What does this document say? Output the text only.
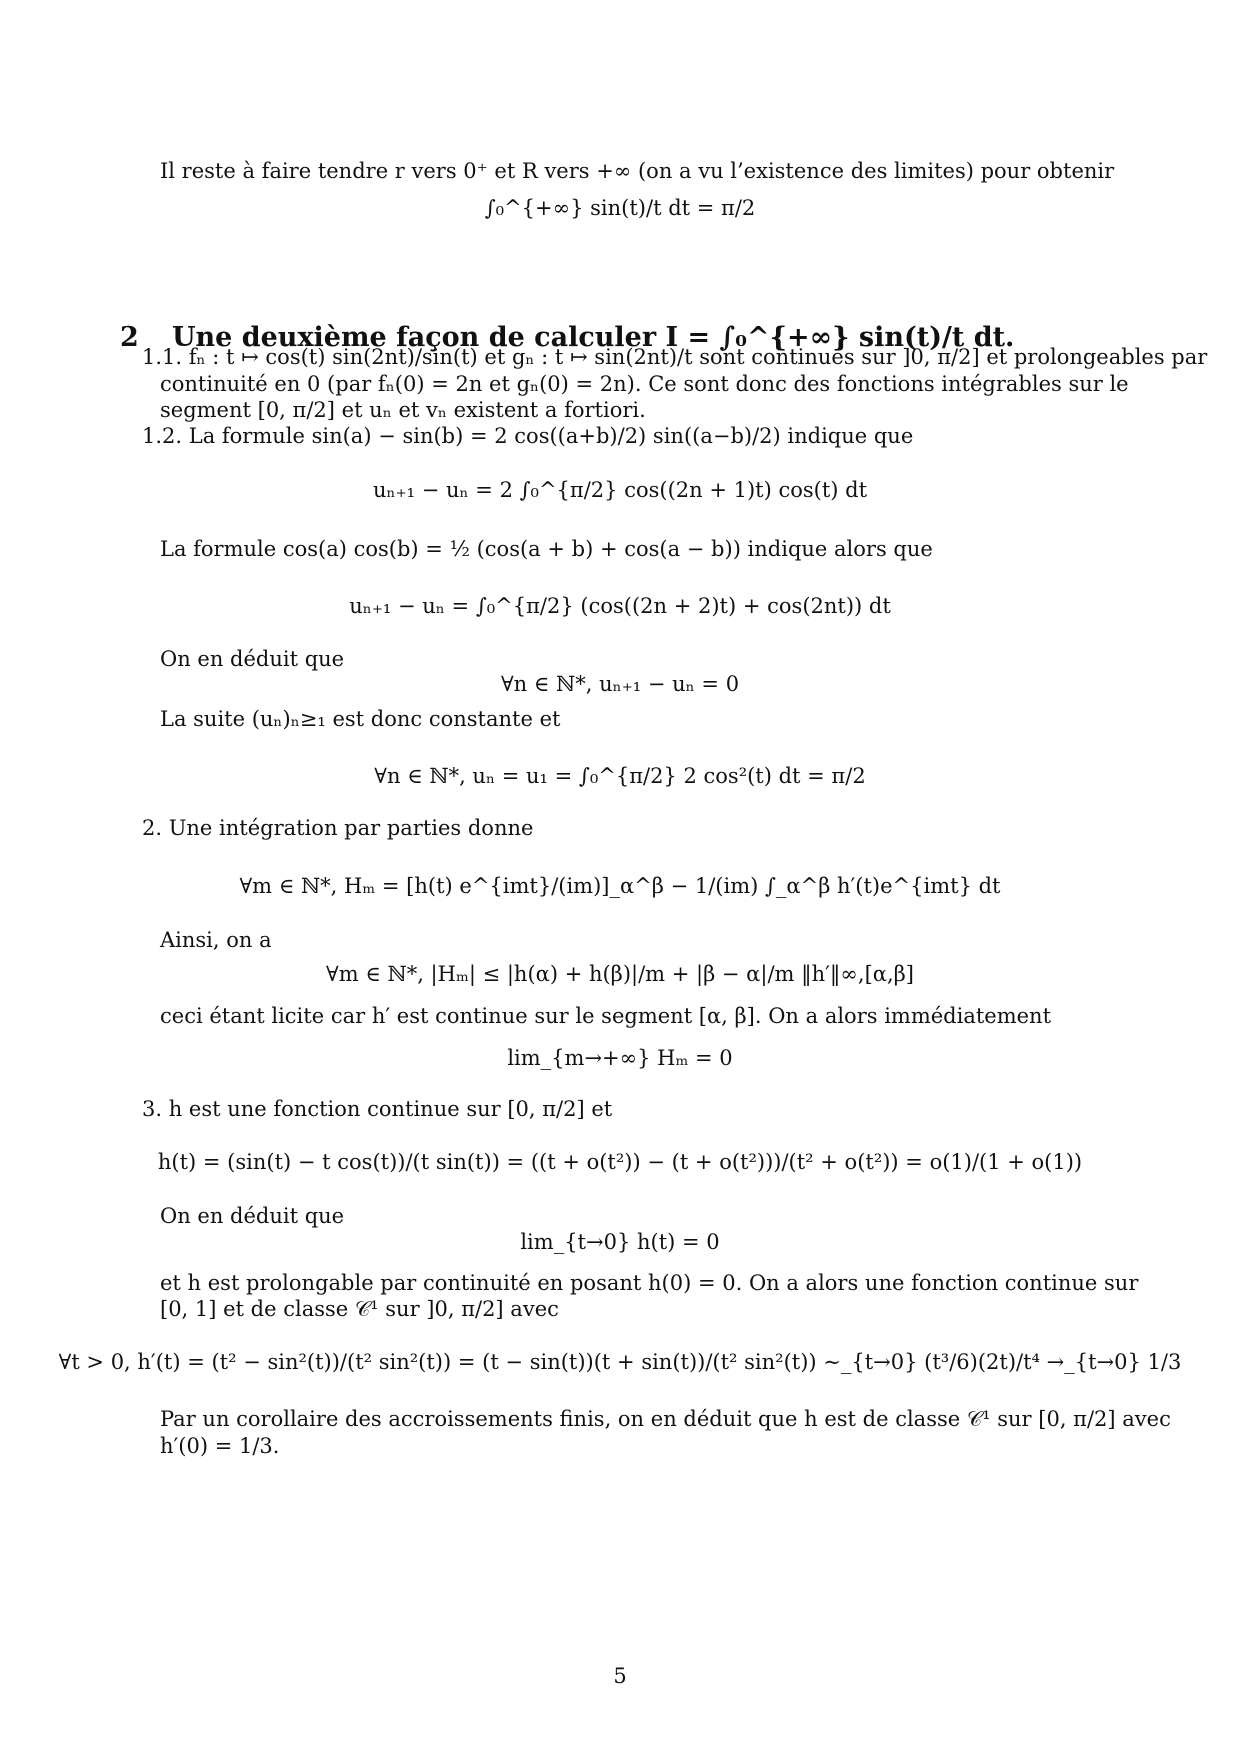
Il reste à faire tendre r vers 0⁺ et R vers +∞ (on a vu l’existence des limites) pour obtenir
∫₀^{+∞} sin(t)/t dt = π/2
2 Une deuxième façon de calculer I = ∫₀^{+∞} sin(t)/t dt.
1.1. fₙ : t ↦ cos(t) sin(2nt)/sin(t) et gₙ : t ↦ sin(2nt)/t sont continues sur ]0, π/2] et prolongeables par
continuité en 0 (par fₙ(0) = 2n et gₙ(0) = 2n). Ce sont donc des fonctions intégrables sur le
segment [0, π/2] et uₙ et vₙ existent a fortiori.
1.2. La formule sin(a) − sin(b) = 2 cos((a+b)/2) sin((a−b)/2) indique que
uₙ₊₁ − uₙ = 2 ∫₀^{π/2} cos((2n + 1)t) cos(t) dt
La formule cos(a) cos(b) = ½ (cos(a + b) + cos(a − b)) indique alors que
uₙ₊₁ − uₙ = ∫₀^{π/2} (cos((2n + 2)t) + cos(2nt)) dt
On en déduit que
∀n ∈ ℕ*, uₙ₊₁ − uₙ = 0
La suite (uₙ)ₙ≥₁ est donc constante et
∀n ∈ ℕ*, uₙ = u₁ = ∫₀^{π/2} 2 cos²(t) dt = π/2
2. Une intégration par parties donne
∀m ∈ ℕ*, Hₘ = [h(t) e^{imt}/(im)]_α^β − 1/(im) ∫_α^β h′(t)e^{imt} dt
Ainsi, on a
∀m ∈ ℕ*, |Hₘ| ≤ |h(α) + h(β)|/m + |β − α|/m ‖h′‖∞,[α,β]
ceci étant licite car h′ est continue sur le segment [α, β]. On a alors immédiatement
lim_{m→+∞} Hₘ = 0
3. h est une fonction continue sur [0, π/2] et
h(t) = (sin(t) − t cos(t))/(t sin(t)) = ((t + o(t²)) − (t + o(t²)))/(t² + o(t²)) = o(1)/(1 + o(1))
On en déduit que
lim_{t→0} h(t) = 0
et h est prolongable par continuité en posant h(0) = 0. On a alors une fonction continue sur
[0, 1] et de classe 𝒞¹ sur ]0, π/2] avec
∀t > 0, h′(t) = (t² − sin²(t))/(t² sin²(t)) = (t − sin(t))(t + sin(t))/(t² sin²(t)) ∼_{t→0} (t³/6)(2t)/t⁴ →_{t→0} 1/3
Par un corollaire des accroissements finis, on en déduit que h est de classe 𝒞¹ sur [0, π/2] avec
h′(0) = 1/3.
5
